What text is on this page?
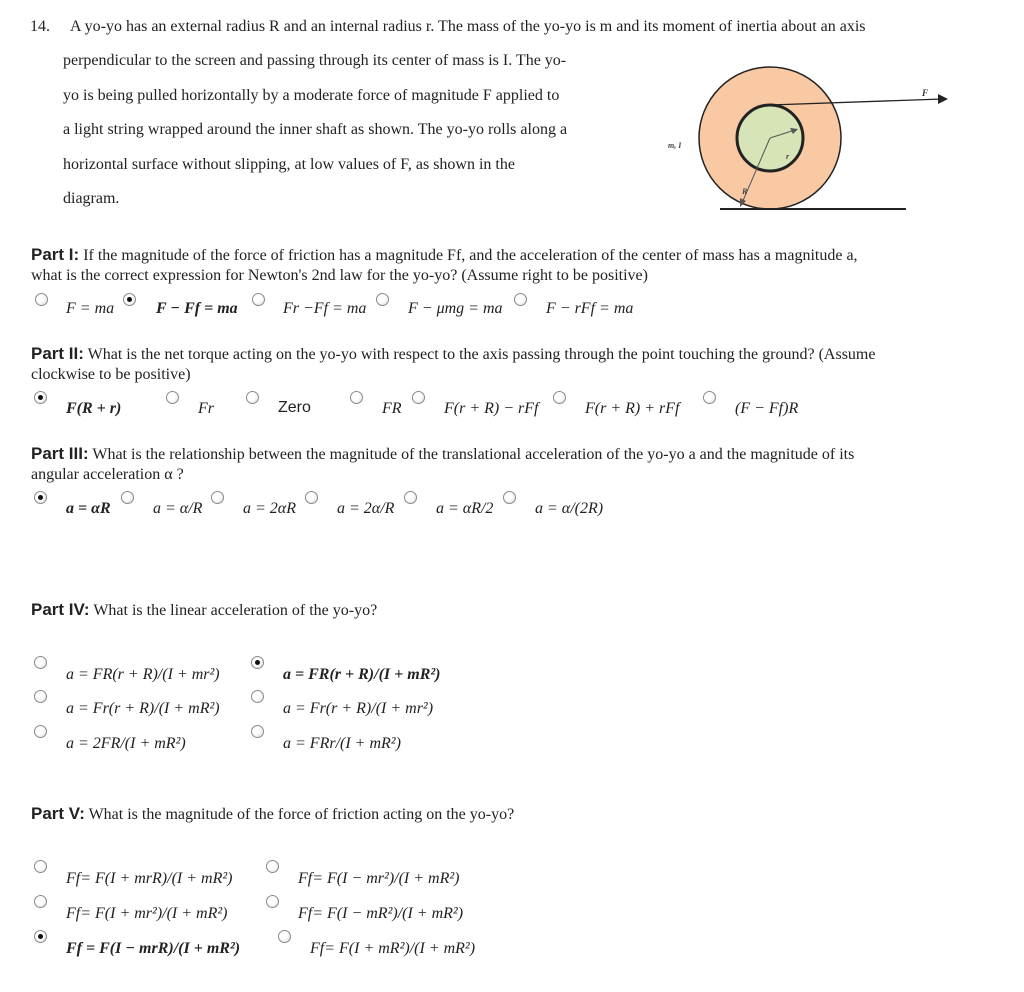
14. A yo-yo has an external radius R and an internal radius r. The mass of the yo-yo is m and its moment of inertia about an axis
perpendicular to the screen and passing through its center of mass is I. The yo-
yo is being pulled horizontally by a moderate force of magnitude F applied to
a light string wrapped around the inner shaft as shown. The yo-yo rolls along a
horizontal surface without slipping, at low values of F, as shown in the
diagram.
m, I
F
r
R
Part I: If the magnitude of the force of friction has a magnitude Ff, and the acceleration of the center of mass has a magnitude a,
what is the correct expression for Newton's 2nd law for the yo-yo? (Assume right to be positive)
F = ma	F − Ff = ma	Fr −Ff = ma	F − μmg = ma	F − rFf = ma
Part II: What is the net torque acting on the yo-yo with respect to the axis passing through the point touching the ground? (Assume
clockwise to be positive)
F(R + r)	Fr	Zero	FR	F(r + R) − rFf	F(r + R) + rFf	(F − Ff)R
Part III: What is the relationship between the magnitude of the translational acceleration of the yo-yo a and the magnitude of its
angular acceleration α ?
a = αR	a = α/R	a = 2αR	a = 2α/R	a = αR/2	a = α/(2R)
Part IV: What is the linear acceleration of the yo-yo?
a = FR(r + R)/(I + mr²)	a = FR(r + R)/(I + mR²)
a = Fr(r + R)/(I + mR²)	a = Fr(r + R)/(I + mr²)
a = 2FR/(I + mR²)	a = FRr/(I + mR²)
Part V: What is the magnitude of the force of friction acting on the yo-yo?
Ff= F(I + mrR)/(I + mR²)	Ff= F(I − mr²)/(I + mR²)
Ff= F(I + mr²)/(I + mR²)	Ff= F(I − mR²)/(I + mR²)
Ff = F(I − mrR)/(I + mR²)	Ff= F(I + mR²)/(I + mR²)
